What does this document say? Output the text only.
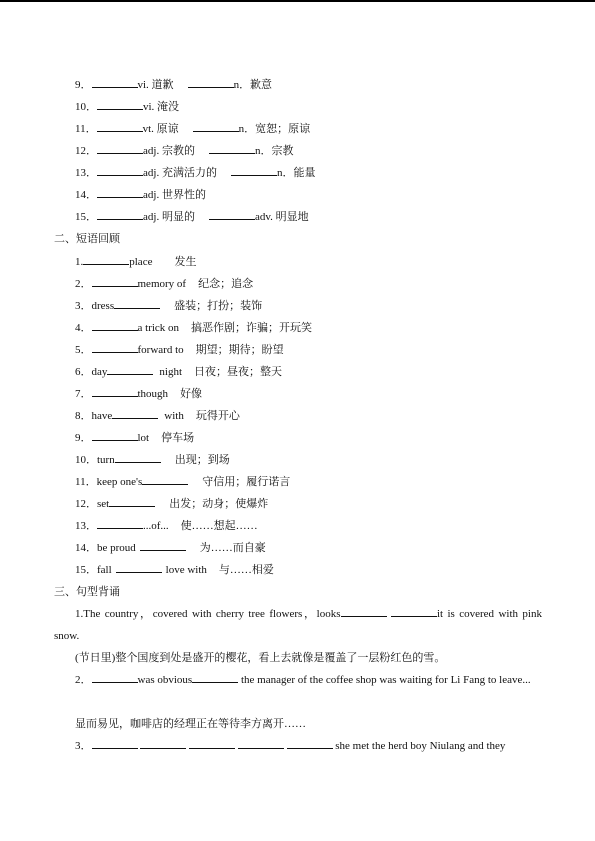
9．	vi. 道歉	n．歉意
10．	vi. 淹没
11．	vt. 原谅	n．宽恕；原谅
12．	adj. 宗教的	n．宗教
13．	adj. 充满活力的	n．能量
14．	adj. 世界性的
15．	adj. 明显的	adv. 明显地
二、短语回顾
1.	place 发生
2．	memory of 纪念；追念
3．dress	盛装；打扮；装饰
4．	a trick on 搞恶作剧；诈骗；开玩笑
5．	forward to 期望；期待；盼望
6．day	night 日夜；昼夜；整天
7．	though 好像
8．have	with 玩得开心
9．	lot 停车场
10．turn	出现；到场
11．keep one's	守信用；履行诺言
12．set	出发；动身；使爆炸
13．	...of... 使……想起……
14．be proud	为……而自豪
15．fall	love with 与……相爱
三、句型背诵
1.The country，covered with cherry tree flowers，looks	it is covered with pink snow.
(节日里)整个国度到处是盛开的樱花，看上去就像是覆盖了一层粉红色的雪。
2．	was obvious	the manager of the coffee shop was waiting for Li Fang to leave...
显而易见，咖啡店的经理正在等待李方离开……
3．	she met the herd boy Niulang and they
